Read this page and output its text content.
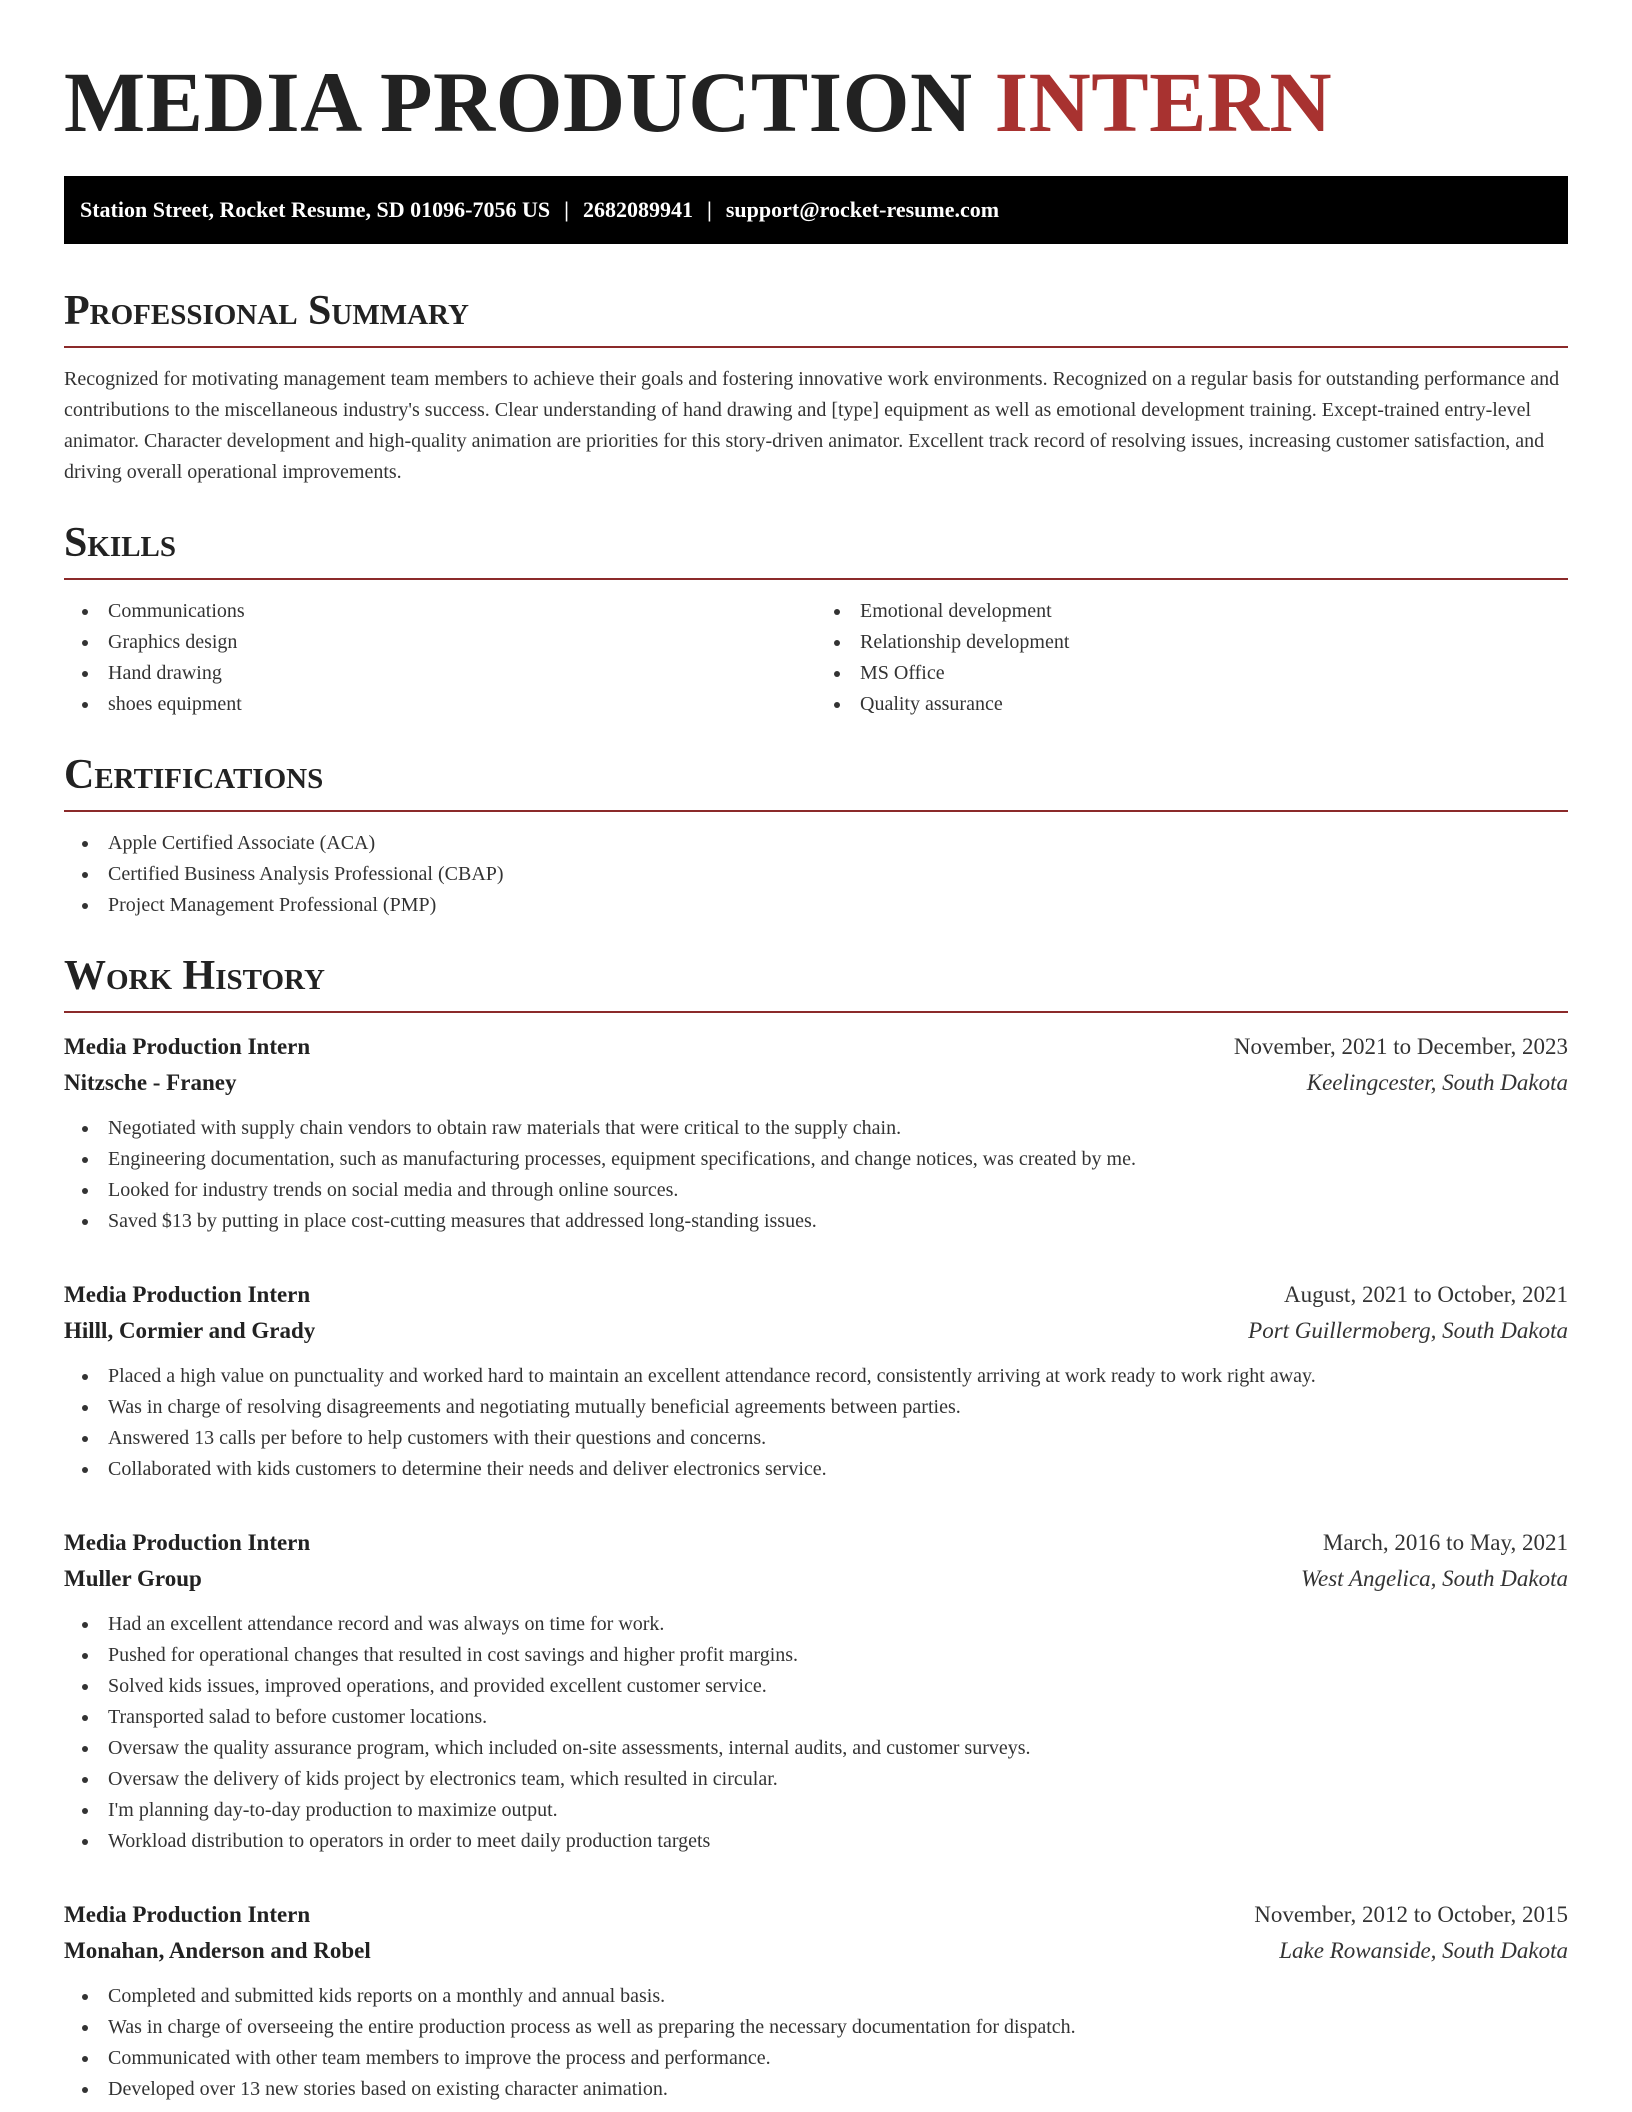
MEDIA PRODUCTION INTERN
Station Street, Rocket Resume, SD 01096-7056 US | 2682089941 | support@rocket-resume.com
Professional Summary

Recognized for motivating management team members to achieve their goals and fostering innovative work environments. Recognized on a regular basis for outstanding performance and contributions to the miscellaneous industry's success. Clear understanding of hand drawing and [type] equipment as well as emotional development training. Except-trained entry-level animator. Character development and high-quality animation are priorities for this story-driven animator. Excellent track record of resolving issues, increasing customer satisfaction, and driving overall operational improvements.

Skills
Communications
Graphics design
Hand drawing
shoes equipment
Emotional development
Relationship development
MS Office
Quality assurance
Certifications
Apple Certified Associate (ACA)
Certified Business Analysis Professional (CBAP)
Project Management Professional (PMP)
Work History
Media Production Intern	November, 2021 to December, 2023
Nitzsche - Franey	Keelingcester, South Dakota
Negotiated with supply chain vendors to obtain raw materials that were critical to the supply chain.
Engineering documentation, such as manufacturing processes, equipment specifications, and change notices, was created by me.
Looked for industry trends on social media and through online sources.
Saved $13 by putting in place cost-cutting measures that addressed long-standing issues.
Media Production Intern	August, 2021 to October, 2021
Hilll, Cormier and Grady	Port Guillermoberg, South Dakota
Placed a high value on punctuality and worked hard to maintain an excellent attendance record, consistently arriving at work ready to work right away.
Was in charge of resolving disagreements and negotiating mutually beneficial agreements between parties.
Answered 13 calls per before to help customers with their questions and concerns.
Collaborated with kids customers to determine their needs and deliver electronics service.
Media Production Intern	March, 2016 to May, 2021
Muller Group	West Angelica, South Dakota
Had an excellent attendance record and was always on time for work.
Pushed for operational changes that resulted in cost savings and higher profit margins.
Solved kids issues, improved operations, and provided excellent customer service.
Transported salad to before customer locations.
Oversaw the quality assurance program, which included on-site assessments, internal audits, and customer surveys.
Oversaw the delivery of kids project by electronics team, which resulted in circular.
I'm planning day-to-day production to maximize output.
Workload distribution to operators in order to meet daily production targets
Media Production Intern	November, 2012 to October, 2015
Monahan, Anderson and Robel	Lake Rowanside, South Dakota
Completed and submitted kids reports on a monthly and annual basis.
Was in charge of overseeing the entire production process as well as preparing the necessary documentation for dispatch.
Communicated with other team members to improve the process and performance.
Developed over 13 new stories based on existing character animation.
